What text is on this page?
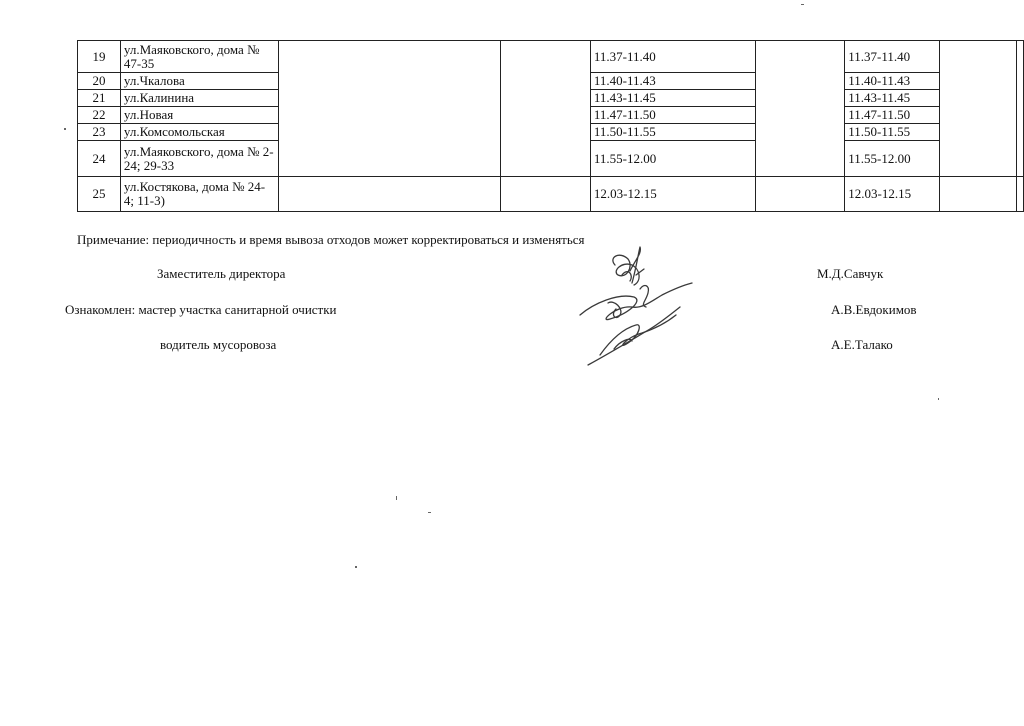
19	ул.Маяковского, дома № 47-35			11.37-11.40		11.37-11.40		
20	ул.Чкалова			11.40-11.43		11.40-11.43		
21	ул.Калинина			11.43-11.45		11.43-11.45		
22	ул.Новая			11.47-11.50		11.47-11.50		
23	ул.Комсомольская			11.50-11.55		11.50-11.55		
24	ул.Маяковского, дома № 2-24; 29-33			11.55-12.00		11.55-12.00		
25	ул.Костякова, дома № 24-4; 11-3)			12.03-12.15		12.03-12.15		
Примечание: периодичность и время вывоза отходов может корректироваться и изменяться
Заместитель директора	М.Д.Савчук
Ознакомлен: мастер участка санитарной очистки	А.В.Евдокимов
водитель мусоровоза	А.Е.Талако
